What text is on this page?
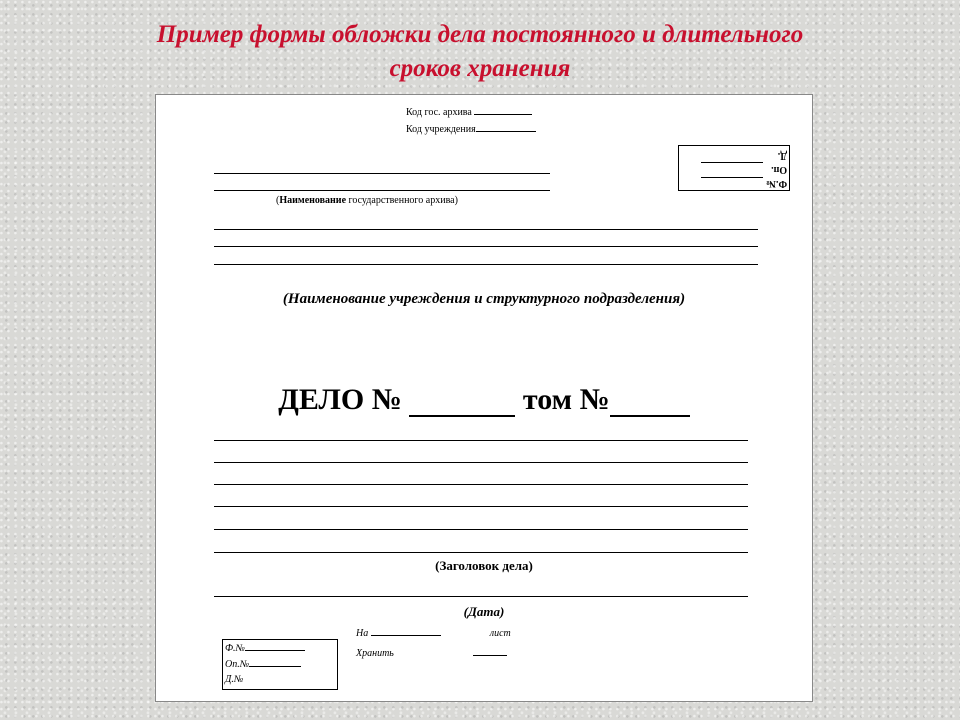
Пример формы обложки дела постоянного и длительного
сроков хранения
Код гос. архива
Код учреждения
Ф.№
Оп.
Д.
(Наименование государственного архива)
(Наименование учреждения и структурного подразделения)
ДЕЛО №	том №
(Заголовок дела)
(Дата)
На	лист
Хранить
Ф.№
Оп.№
Д.№
